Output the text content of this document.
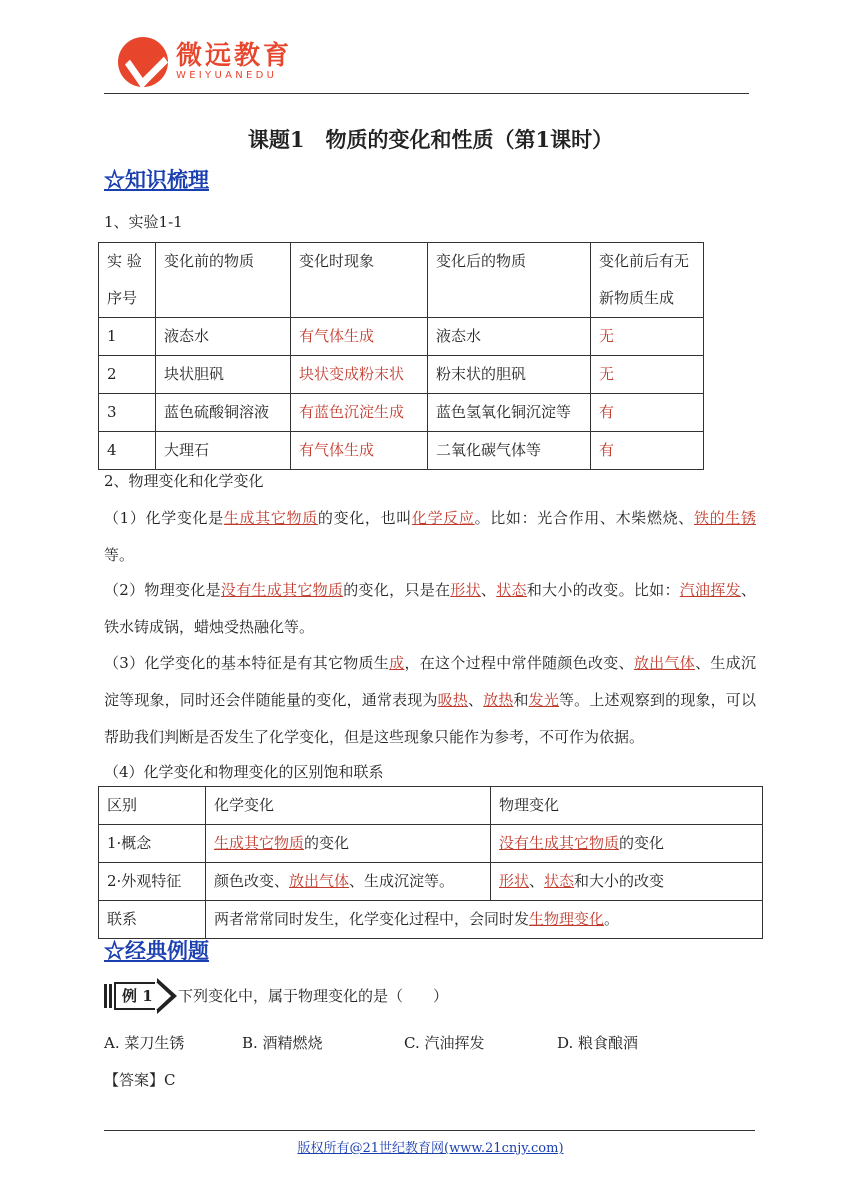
微远教育
WEIYUANEDU
课题1　物质的变化和性质（第1课时）
☆知识梳理
1、实验1-1
实 验序号	变化前的物质	变化时现象	变化后的物质	变化前后有无新物质生成
1	液态水	有气体生成	液态水	无
2	块状胆矾	块状变成粉末状	粉末状的胆矾	无
3	蓝色硫酸铜溶液	有蓝色沉淀生成	蓝色氢氧化铜沉淀等	有
4	大理石	有气体生成	二氧化碳气体等	有
2、物理变化和化学变化
（1）化学变化是生成其它物质的变化，也叫化学反应。比如：光合作用、木柴燃烧、铁的生锈等。
（2）物理变化是没有生成其它物质的变化，只是在形状、状态和大小的改变。比如：汽油挥发、铁水铸成锅，蜡烛受热融化等。
（3）化学变化的基本特征是有其它物质生成，在这个过程中常伴随颜色改变、放出气体、生成沉淀等现象，同时还会伴随能量的变化，通常表现为吸热、放热和发光等。上述观察到的现象，可以帮助我们判断是否发生了化学变化，但是这些现象只能作为参考，不可作为依据。
（4）化学变化和物理变化的区别饱和联系
区别	化学变化	物理变化
1·概念	生成其它物质的变化	没有生成其它物质的变化
2·外观特征	颜色改变、放出气体、生成沉淀等。	形状、状态和大小的改变
联系	两者常常同时发生，化学变化过程中，会同时发生物理变化。	
☆经典例题
例 1 下列变化中，属于物理变化的是（　　）
A. 菜刀生锈	B. 酒精燃烧	C. 汽油挥发	D. 粮食酿酒
【答案】C
版权所有@21世纪教育网(www.21cnjy.com)
